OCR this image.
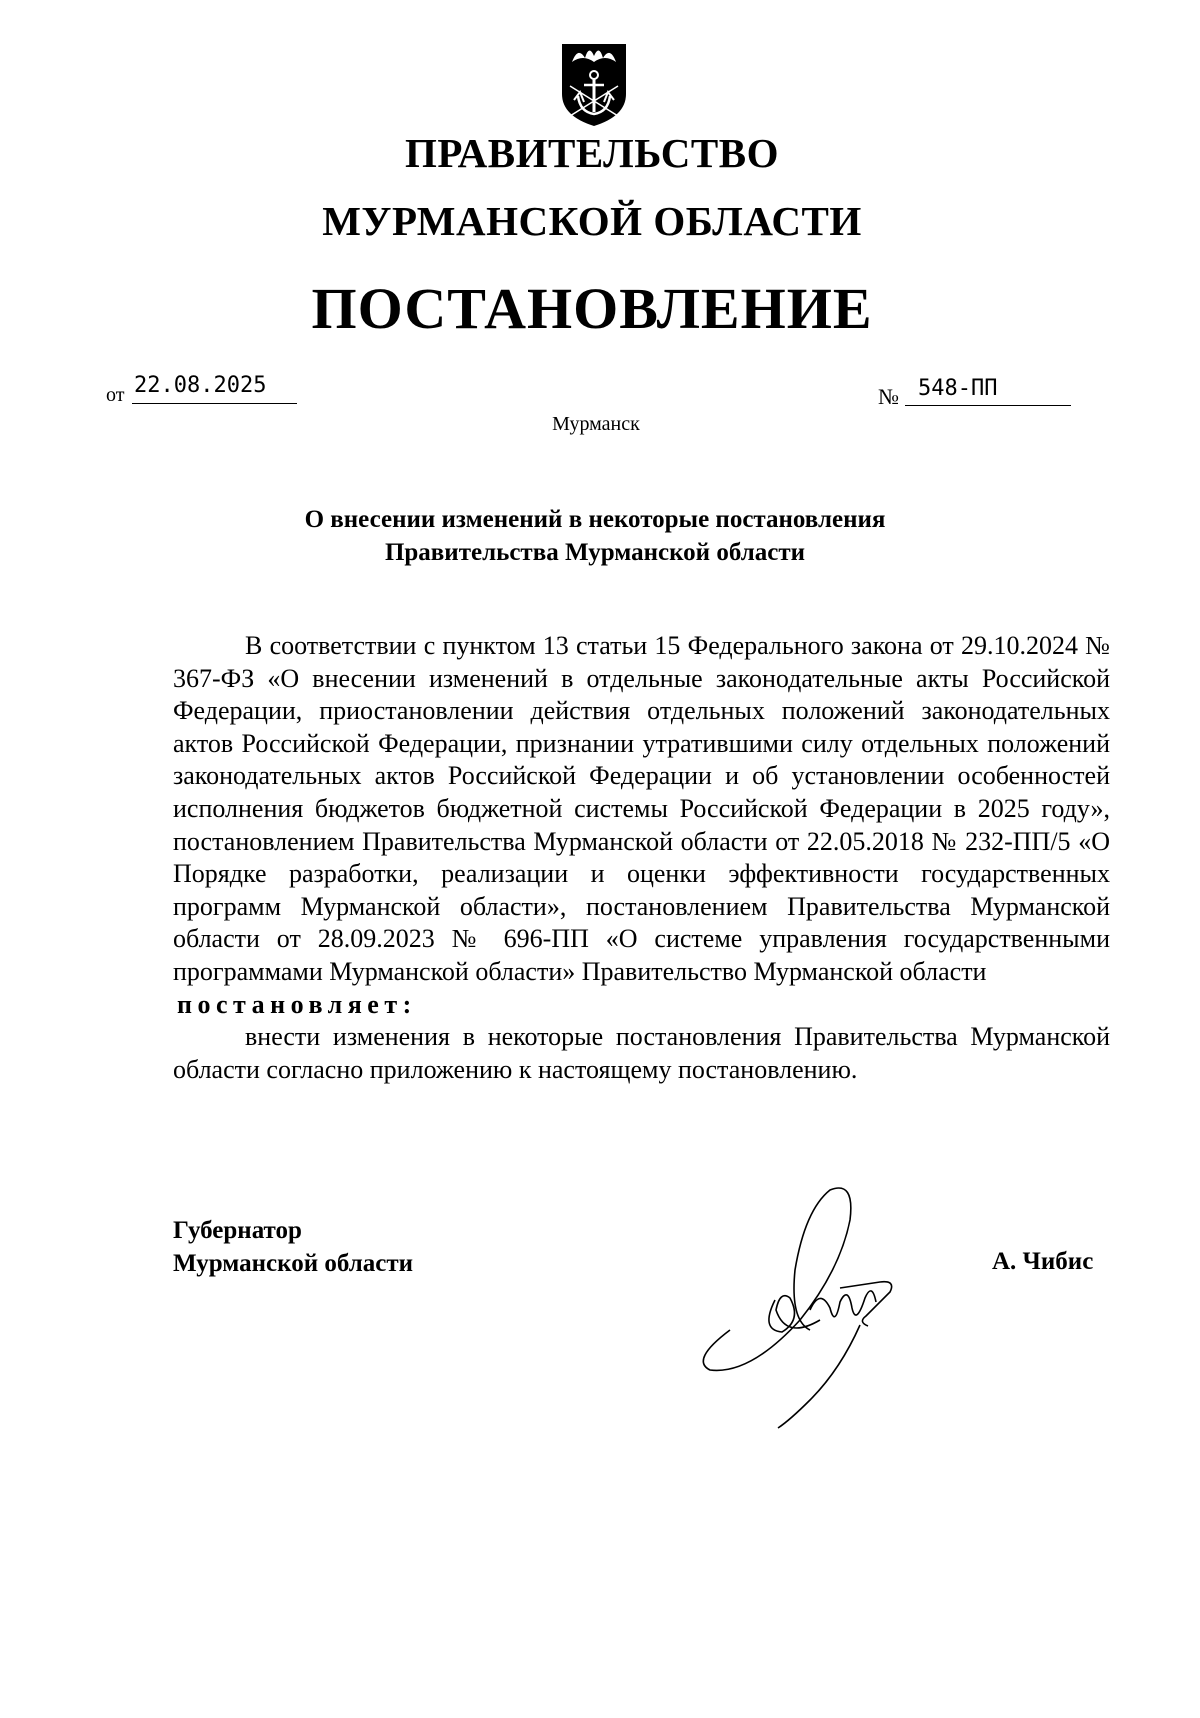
ПРАВИТЕЛЬСТВО
МУРМАНСКОЙ ОБЛАСТИ
ПОСТАНОВЛЕНИЕ
от 22.08.2025	№ 548-ПП
Мурманск
О внесении изменений в некоторые постановления
Правительства Мурманской области

В соответствии с пунктом 13 статьи 15 Федерального закона от 29.10.2024 № 367-ФЗ «О внесении изменений в отдельные законодательные акты Российской Федерации, приостановлении действия отдельных положений законодательных актов Российской Федерации, признании утратившими силу отдельных положений законодательных актов Российской Федерации и об установлении особенностей исполнения бюджетов бюджетной системы Российской Федерации в 2025 году», постановлением Правительства Мурманской области от 22.05.2018 № 232-ПП/5 «О Порядке разработки, реализации и оценки эффективности государственных программ Мурманской области», постановлением Правительства Мурманской области от 28.09.2023 № 696-ПП «О системе управления государственными программами Мурманской области» Правительство Мурманской области

постановляет:

внести изменения в некоторые постановления Правительства Мурманской области согласно приложению к настоящему постановлению.

Губернатор
Мурманской области	А. Чибис
